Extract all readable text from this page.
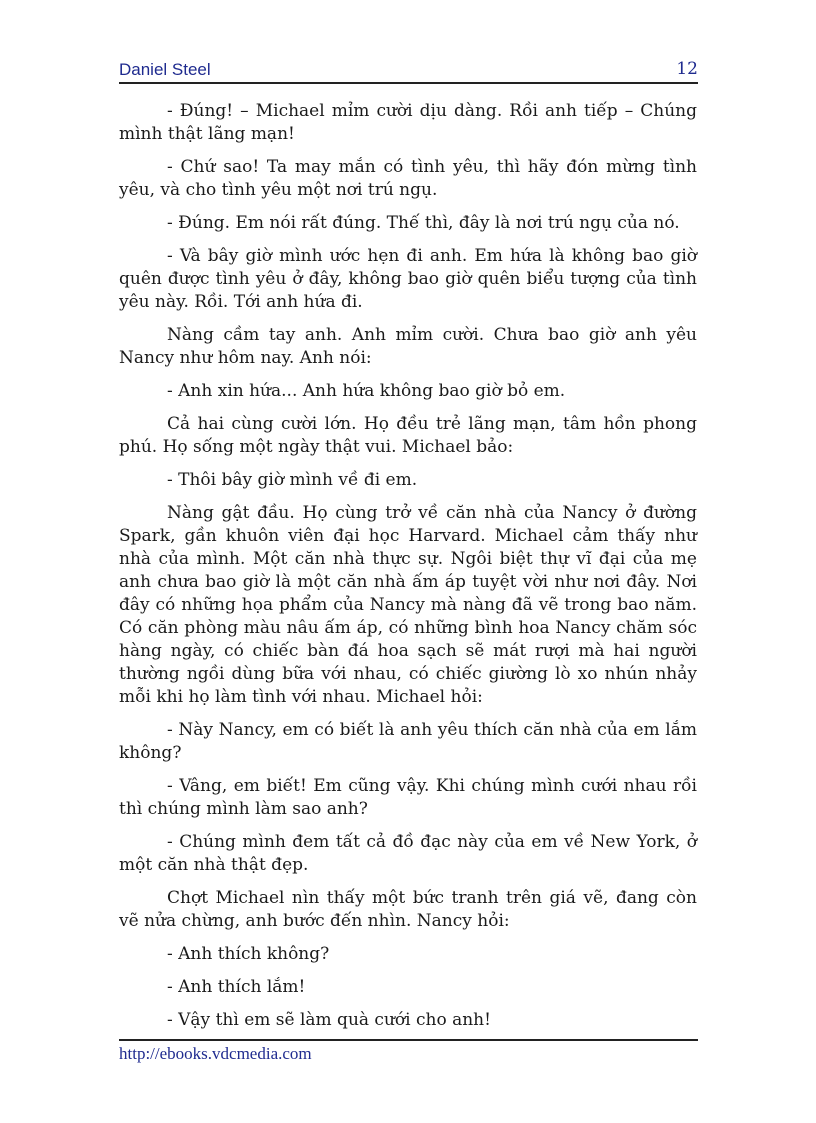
Daniel Steel	12

- Đúng! – Michael mỉm cười dịu dàng. Rồi anh tiếp – Chúng mình thật lãng mạn!

- Chứ sao! Ta may mắn có tình yêu, thì hãy đón mừng tình yêu, và cho tình yêu một nơi trú ngụ.

- Đúng. Em nói rất đúng. Thế thì, đây là nơi trú ngụ của nó.

- Và bây giờ mình ước hẹn đi anh. Em hứa là không bao giờ quên được tình yêu ở đây, không bao giờ quên biểu tượng của tình yêu này. Rồi. Tới anh hứa đi.

Nàng cầm tay anh. Anh mỉm cười. Chưa bao giờ anh yêu Nancy như hôm nay. Anh nói:

- Anh xin hứa... Anh hứa không bao giờ bỏ em.

Cả hai cùng cười lớn. Họ đều trẻ lãng mạn, tâm hồn phong phú. Họ sống một ngày thật vui. Michael bảo:

- Thôi bây giờ mình về đi em.

Nàng gật đầu. Họ cùng trở về căn nhà của Nancy ở đường Spark, gần khuôn viên đại học Harvard. Michael cảm thấy như nhà của mình. Một căn nhà thực sự. Ngôi biệt thự vĩ đại của mẹ anh chưa bao giờ là một căn nhà ấm áp tuyệt vời như nơi đây. Nơi đây có những họa phẩm của Nancy mà nàng đã vẽ trong bao năm. Có căn phòng màu nâu ấm áp, có những bình hoa Nancy chăm sóc hàng ngày, có chiếc bàn đá hoa sạch sẽ mát rượi mà hai người thường ngồi dùng bữa với nhau, có chiếc giường lò xo nhún nhảy mỗi khi họ làm tình với nhau. Michael hỏi:

- Này Nancy, em có biết là anh yêu thích căn nhà của em lắm không?

- Vâng, em biết! Em cũng vậy. Khi chúng mình cưới nhau rồi thì chúng mình làm sao anh?

- Chúng mình đem tất cả đồ đạc này của em về New York, ở một căn nhà thật đẹp.

Chợt Michael nìn thấy một bức tranh trên giá vẽ, đang còn vẽ nửa chừng, anh bước đến nhìn. Nancy hỏi:

- Anh thích không?

- Anh thích lắm!

- Vậy thì em sẽ làm quà cưới cho anh!

http://ebooks.vdcmedia.com
